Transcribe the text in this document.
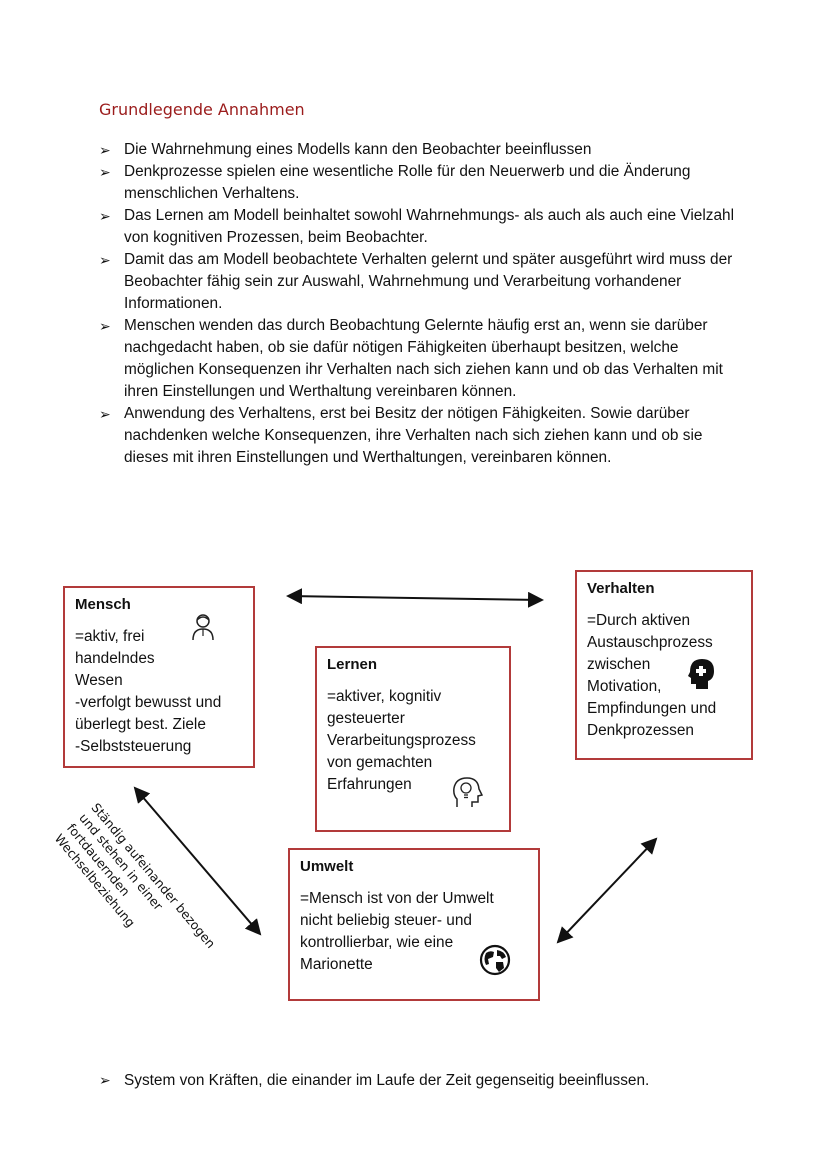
Grundlegende Annahmen
➢ Die Wahrnehmung eines Modells kann den Beobachter beeinflussen
➢ Denkprozesse spielen eine wesentliche Rolle für den Neuerwerb und die Änderung menschlichen Verhaltens.
➢ Das Lernen am Modell beinhaltet sowohl Wahrnehmungs- als auch als auch eine Vielzahl von kognitiven Prozessen, beim Beobachter.
➢ Damit das am Modell beobachtete Verhalten gelernt und später ausgeführt wird muss der Beobachter fähig sein zur Auswahl, Wahrnehmung und Verarbeitung vorhandener Informationen.
➢ Menschen wenden das durch Beobachtung Gelernte häufig erst an, wenn sie darüber nachgedacht haben, ob sie dafür nötigen Fähigkeiten überhaupt besitzen, welche möglichen Konsequenzen ihr Verhalten nach sich ziehen kann und ob das Verhalten mit ihren Einstellungen und Werthaltung vereinbaren können.
➢ Anwendung des Verhaltens, erst bei Besitz der nötigen Fähigkeiten. Sowie darüber nachdenken welche Konsequenzen, ihre Verhalten nach sich ziehen kann und ob sie dieses mit ihren Einstellungen und Werthaltungen, vereinbaren können.
Mensch
=aktiv, frei
handelndes
Wesen
-verfolgt bewusst und
überlegt best. Ziele
-Selbststeuerung
Verhalten
=Durch aktiven
Austauschprozess
zwischen
Motivation,
Empfindungen und
Denkprozessen
Lernen
=aktiver, kognitiv
gesteuerter
Verarbeitungsprozess
von gemachten
Erfahrungen
Umwelt
=Mensch ist von der Umwelt
nicht beliebig steuer- und
kontrollierbar, wie eine
Marionette
Ständig aufeinander bezogen und stehen in einer fortdauernden Wechselbeziehung
➢ System von Kräften, die einander im Laufe der Zeit gegenseitig beeinflussen.
